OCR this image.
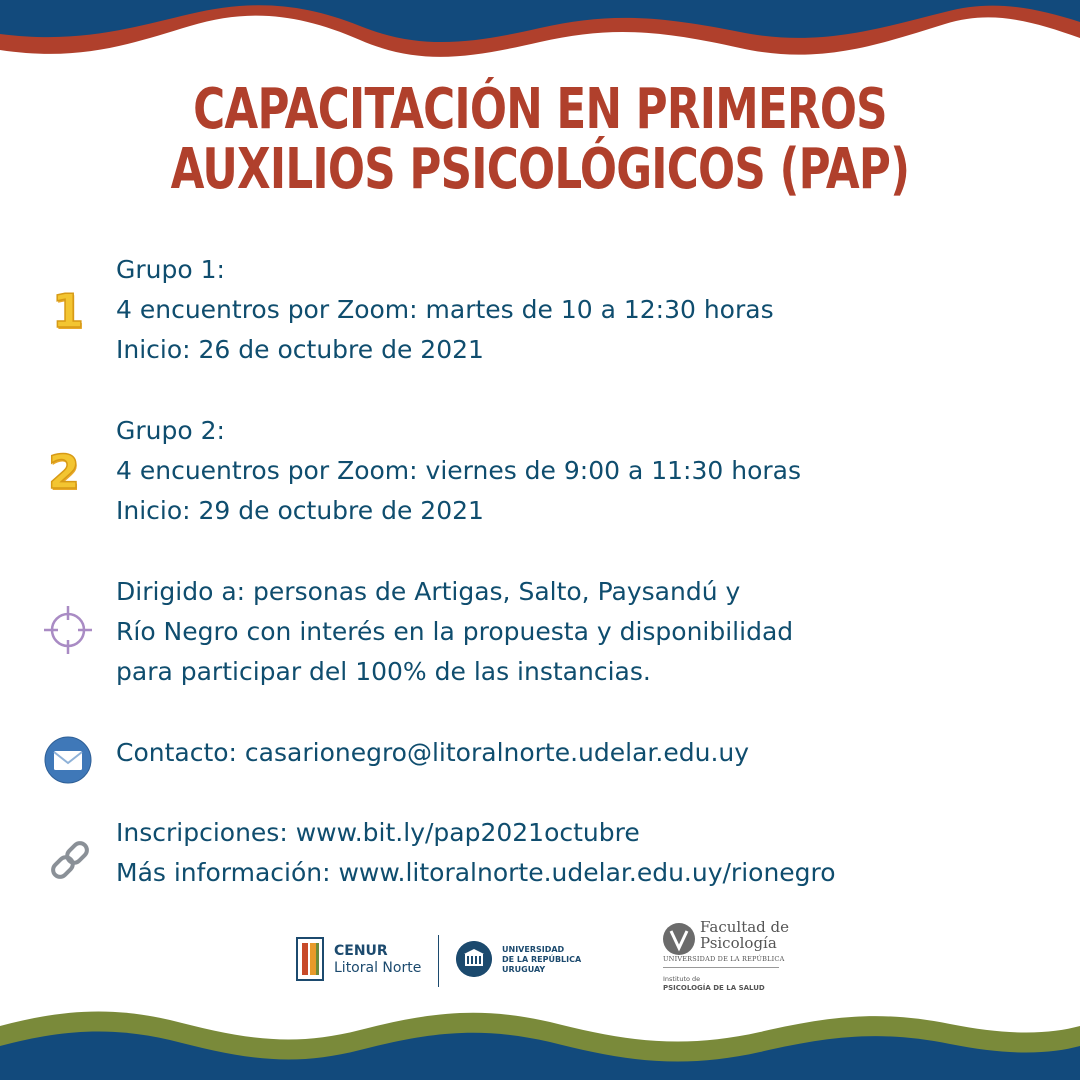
CAPACITACIÓN EN PRIMEROS
AUXILIOS PSICOLÓGICOS (PAP)
1
Grupo 1:
4 encuentros por Zoom: martes de 10 a 12:30 horas
Inicio: 26 de octubre de 2021
2
Grupo 2:
4 encuentros por Zoom: viernes de 9:00 a 11:30 horas
Inicio: 29 de octubre de 2021
Dirigido a: personas de Artigas, Salto, Paysandú y
Río Negro con interés en la propuesta y disponibilidad
para participar del 100% de las instancias.
Contacto: casarionegro@litoralnorte.udelar.edu.uy
Inscripciones: www.bit.ly/pap2021octubre
Más información: www.litoralnorte.udelar.edu.uy/rionegro
CENUR
Litoral Norte
UNIVERSIDAD
DE LA REPÚBLICA
URUGUAY
Facultad de
Psicología
UNIVERSIDAD DE LA REPÚBLICA
Instituto de
PSICOLOGÍA DE LA SALUD
